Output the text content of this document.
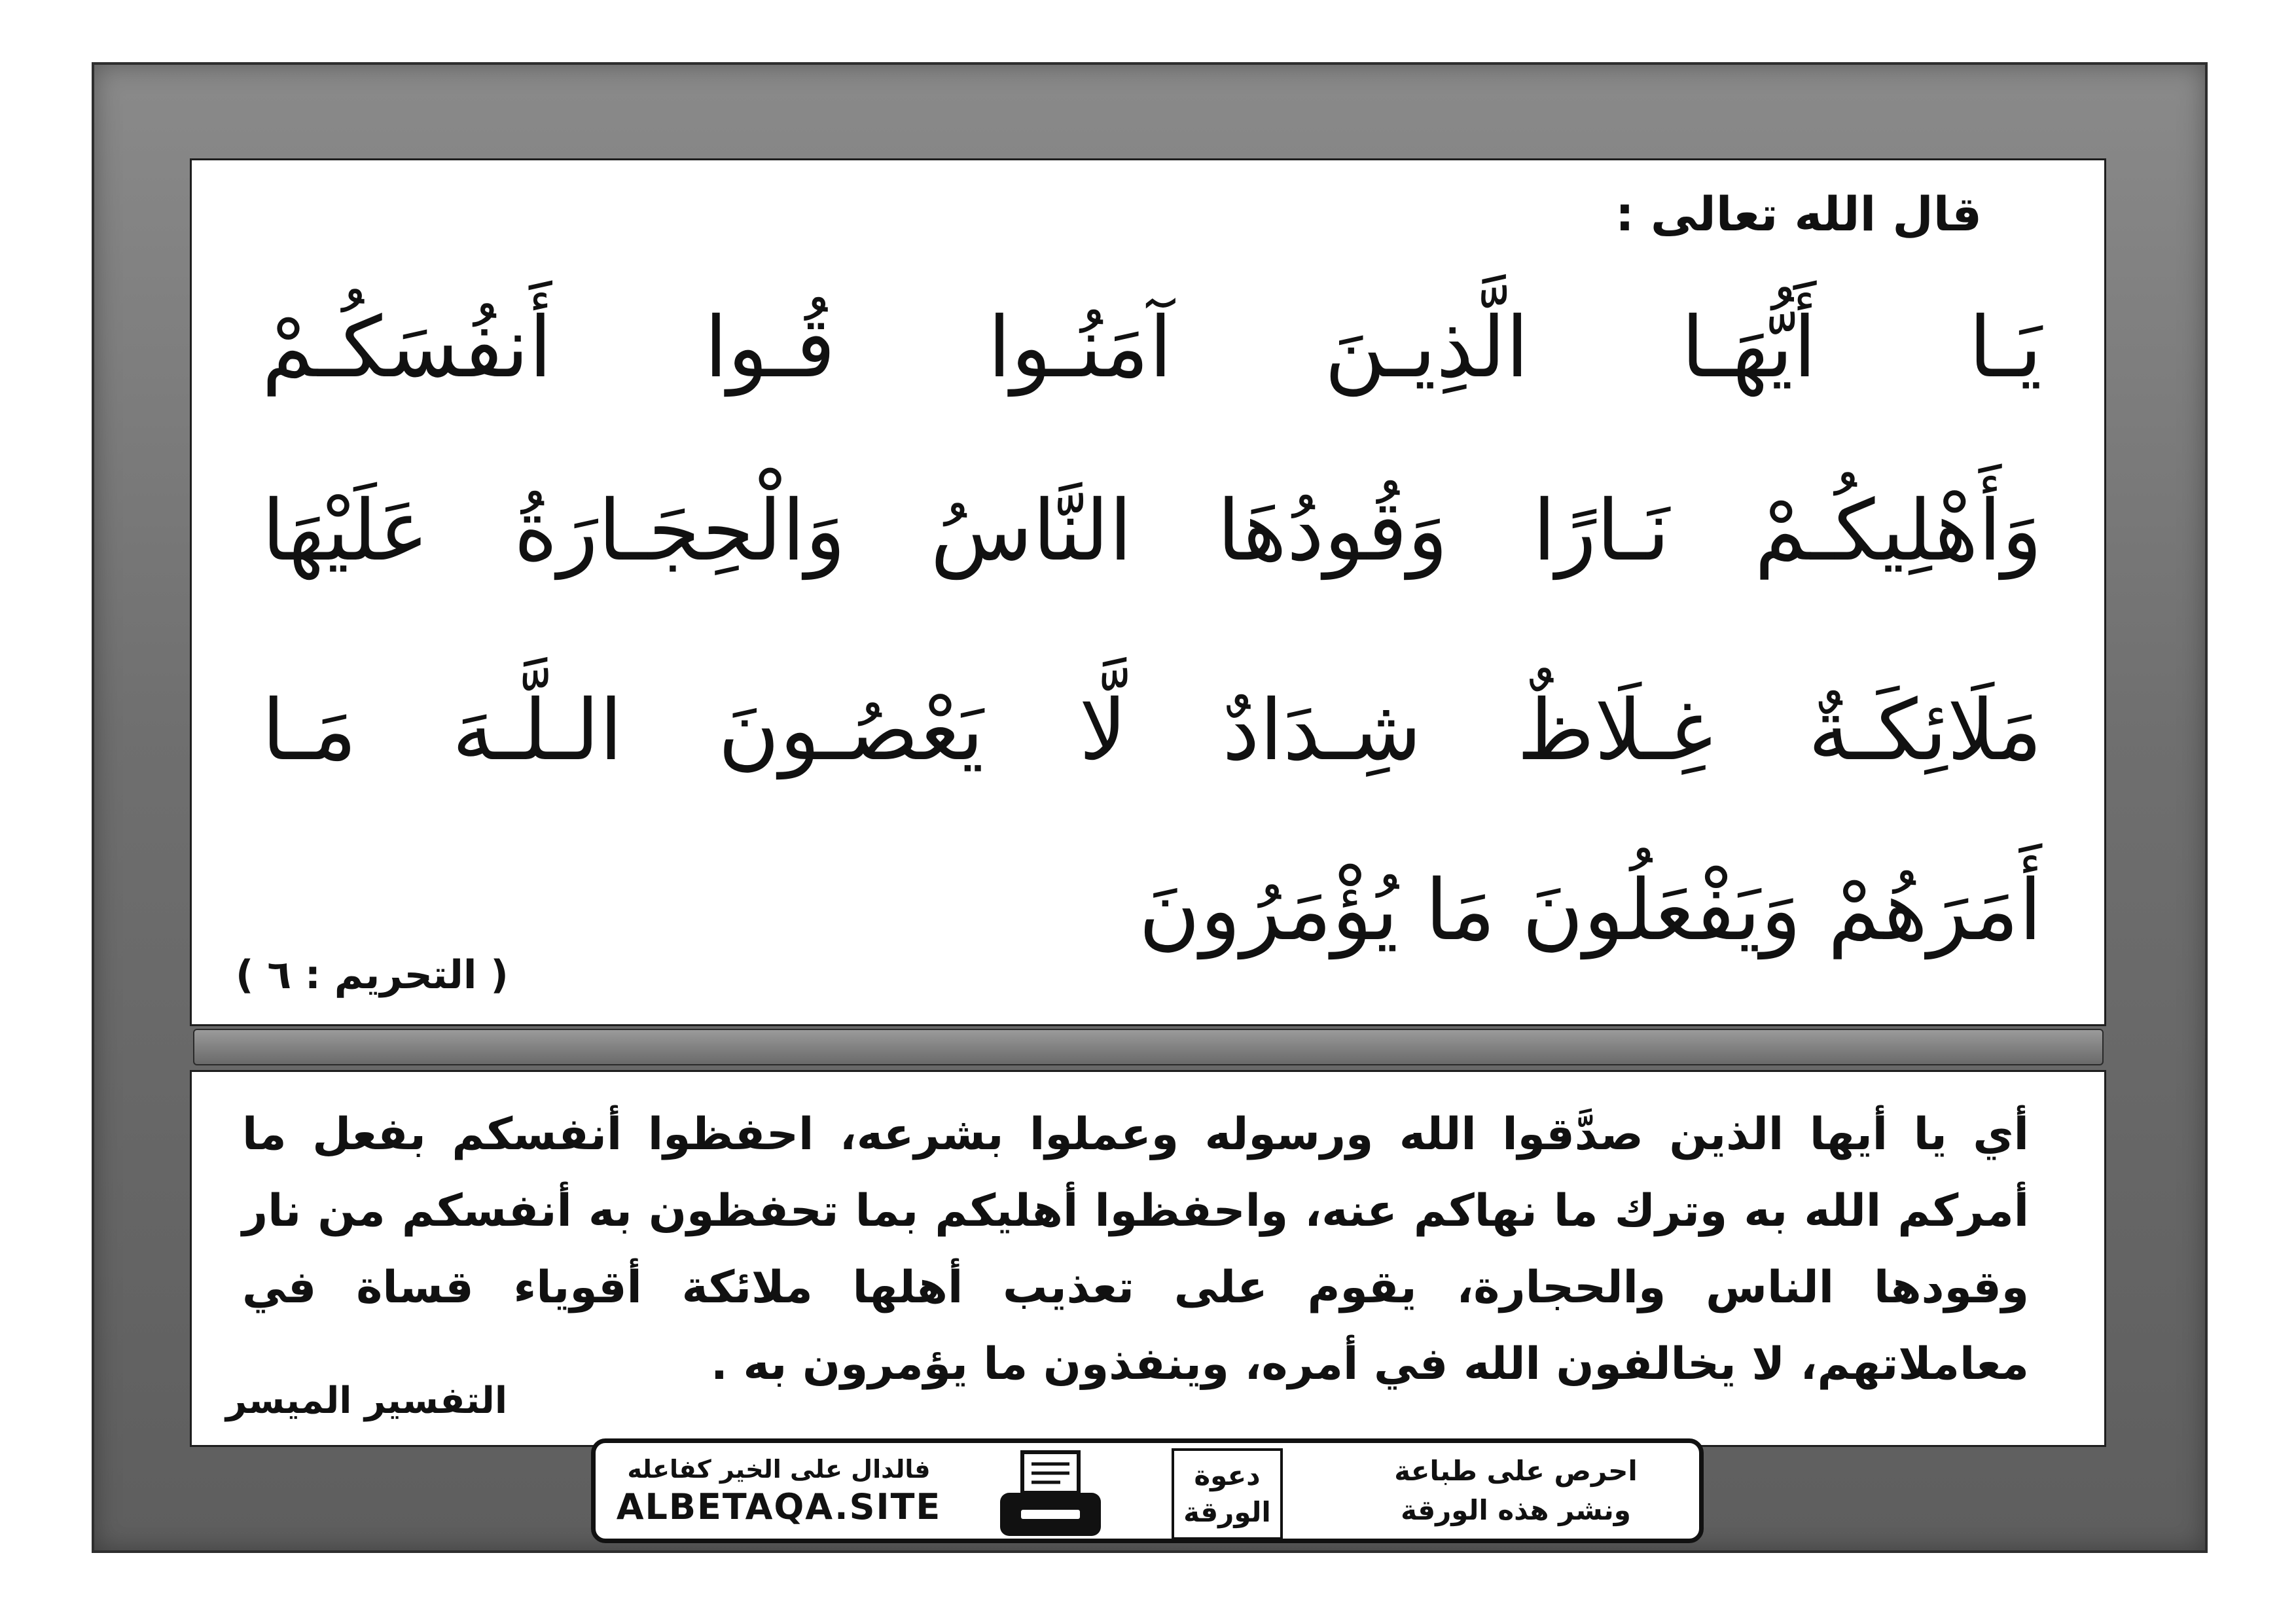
قال الله تعالى :
يَـا أَيُّهَـا الَّذِيـنَ آمَنُـوا قُـوا أَنفُسَكُـمْ
وَأَهْلِيكُـمْ نَـارًا وَقُودُهَا النَّاسُ وَالْحِجَـارَةُ عَلَيْهَا
مَلَائِكَـةٌ غِـلَاظٌ شِـدَادٌ لَّا يَعْصُـونَ الـلَّـهَ مَـا
أَمَرَهُمْ وَيَفْعَلُونَ مَا يُؤْمَرُونَ
( التحريم : ٦ )
أي يا أيها الذين صدَّقوا الله ورسوله وعملوا بشرعه، احفظوا أنفسكم بفعل ما أمركم الله به وترك ما نهاكم عنه، واحفظوا أهليكم بما تحفظون به أنفسكم من نار وقودها الناس والحجارة، يقوم على تعذيب أهلها ملائكة أقوياء قساة في معاملاتهم، لا يخالفون الله في أمره، وينفذون ما يؤمرون به .
التفسير الميسر
فالدال على الخير كفاعله
ALBETAQA.SITE
دعوة
الورقة
احرص على طباعة
ونشر هذه الورقة
